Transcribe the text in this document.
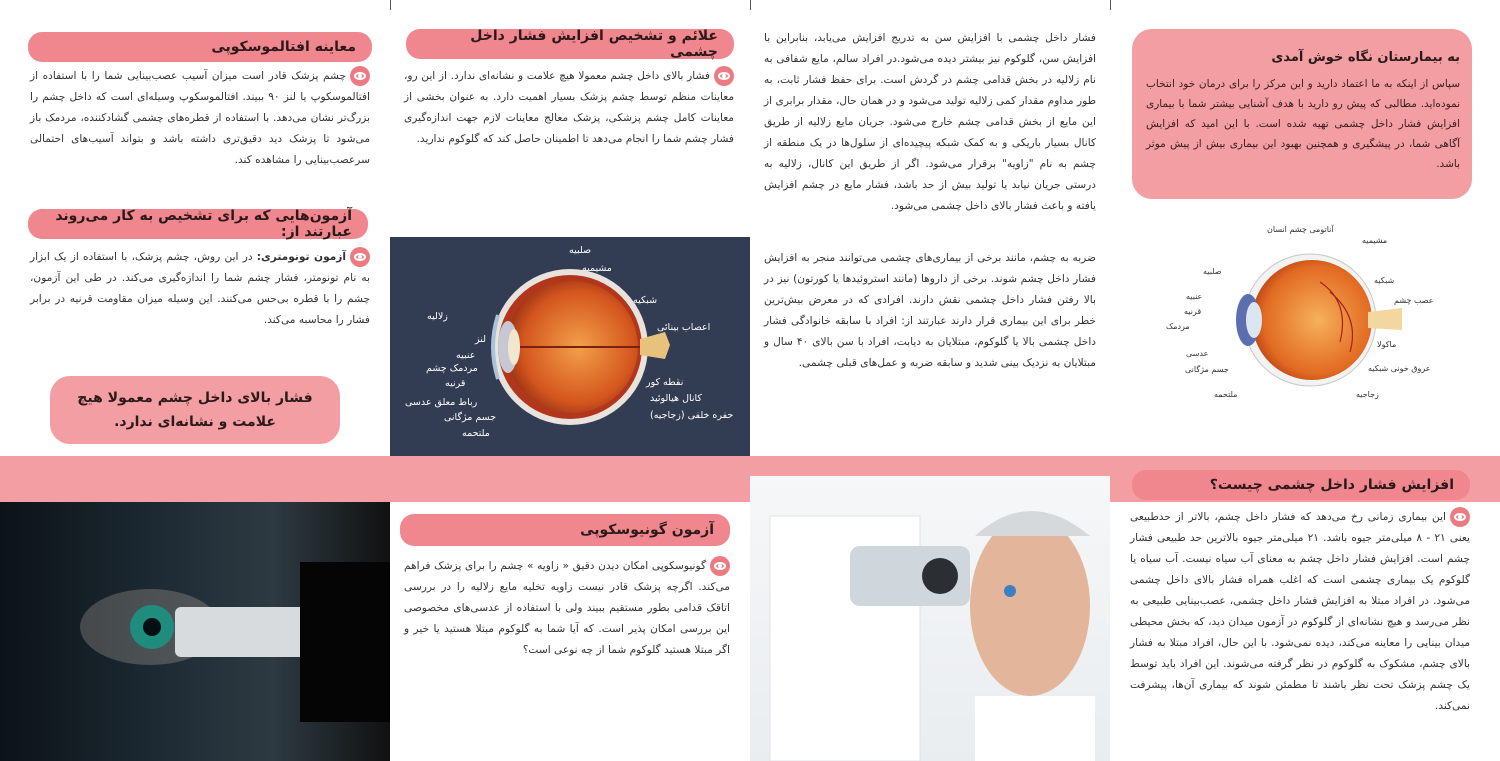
معاینه افتالموسکوپی
چشم پزشک قادر است میزان آسیب عصب‌بینایی شما را با استفاده از افتالموسکوپ یا لنز ۹۰ ببیند. افتالموسکوپ وسیله‌ای است که داخل چشم را بزرگ‌تر نشان می‌دهد. با استفاده از قطره‌های چشمی گشادکننده، مردمک باز می‌شود تا پزشک دید دقیق‌تری داشته باشد و بتواند آسیب‌های احتمالی سرعصب‌بینایی را مشاهده کند.
آزمون‌هایی که برای تشخیص به کار می‌روند عبارتند از:
آزمون تونومتری: در این روش، چشم پزشک، با استفاده از یک ابزار به نام تونومتر، فشار چشم شما را اندازه‌گیری می‌کند. در طی این آزمون، چشم را با قطره بی‌حس می‌کنند. این وسیله میزان مقاومت قرنیه در برابر فشار را محاسبه می‌کند.
فشار بالای داخل چشم معمولا هیچ علامت و نشانه‌ای ندارد.
علائم و تشخیص افزایش فشار داخل چشمی
فشار بالای داخل چشم معمولا هیچ علامت و نشانه‌ای ندارد. از این رو، معاینات منظم توسط چشم پزشک بسیار اهمیت دارد. به عنوان بخشی از معاینات کامل چشم پزشکی، پزشک معالج معاینات لازم جهت اندازه‌گیری فشار چشم شما را انجام می‌دهد تا اطمینان حاصل کند که گلوکوم ندارید.
صلبیه
مشیمیه
شبکیه
اعصاب بینائی
زلالیه
لنز
عنبیه
مردمک چشم
قرنیه
رباط معلق عدسی
جسم مژگانی
ملتحمه
نقطه کور
کانال هیالوئید
حفره خلفی (زجاجیه)
فشار داخل چشمی با افزایش سن به تدریج افزایش می‌یابد، بنابراین با افزایش سن، گلوکوم نیز بیشتر دیده می‌شود.در افراد سالم، مایع شفافی به نام زلالیه در بخش قدامی چشم در گردش است. برای حفظ فشار ثابت، به طور مداوم مقدار کمی زلالیه تولید می‌شود و در همان حال، مقدار برابری از این مایع از بخش قدامی چشم خارج می‌شود. جریان مایع زلالیه از طریق کانال بسیار باریکی و به کمک شبکه پیچیده‌ای از سلول‌ها در یک منطقه از چشم به نام "زاویه" برقرار می‌شود. اگر از طریق این کانال، زلالیه به درستی جریان نیابد یا تولید بیش از حد باشد، فشار مایع در چشم افزایش یافته و باعث فشار بالای داخل چشمی می‌شود.
ضربه به چشم، مانند برخی از بیماری‌های چشمی می‌توانند منجر به افزایش فشار داخل چشم شوند. برخی از داروها (مانند استروئیدها یا کورتون) نیز در بالا رفتن فشار داخل چشمی نقش دارند. افرادی که در معرض بیش‌ترین خطر برای این بیماری قرار دارند عبارتند از: افراد با سابقه خانوادگی فشار داخل چشمی بالا یا گلوکوم، مبتلایان به دیابت، افراد با سن بالای ۴۰ سال و مبتلایان به نزدیک بینی شدید و سابقه ضربه و عمل‌های قبلی چشمی.
به بیمارستان نگاه خوش آمدی
سپاس از اینکه به ما اعتماد دارید و این مرکز را برای درمان خود انتخاب نموده‌اید. مطالبی که پیش رو دارید با هدف آشنایی بیشتر شما با بیماری افزایش فشار داخل چشمی تهیه شده است. با این امید که افزایش آگاهی شما، در پیشگیری و همچنین بهبود این بیماری بیش از پیش موثر باشد.
آناتومی چشم انسان
مشیمیه
صلبیه
شبکیه
عصب چشم
عنبیه
قرنیه
مردمک
ماکولا
عدسی
جسم مژگانی	عروق خونی شبکیه
ملتحمه	زجاجیه
آزمون گونیوسکوپی
گونیوسکوپی امکان دیدن دقیق « زاویه » چشم را برای پزشک فراهم می‌کند. اگرچه پزشک قادر نیست زاویه تخلیه مایع زلالیه را در بررسی اتاقک قدامی بطور مستقیم ببیند ولی با استفاده از عدسی‌های مخصوصی این بررسی امکان پذیر است. که آیا شما به گلوکوم مبتلا هستید یا خیر و اگر مبتلا هستید گلوکوم شما از چه نوعی است؟
افزایش فشار داخل چشمی چیست؟
این بیماری زمانی رخ می‌دهد که فشار داخل چشم، بالاتر از حدطبیعی یعنی ۲۱ - ۸ میلی‌متر جیوه باشد. ۲۱ میلی‌متر جیوه بالاترین حد طبیعی فشار چشم است. افزایش فشار داخل چشم به معنای آب سیاه نیست. آب سیاه یا گلوکوم یک بیماری چشمی است که اغلب همراه فشار بالای داخل چشمی می‌شود. در افراد مبتلا به افزایش فشار داخل چشمی، عصب‌بینایی طبیعی به نظر می‌رسد و هیچ نشانه‌ای از گلوکوم در آزمون میدان دید، که بخش محیطی میدان بینایی را معاینه می‌کند، دیده نمی‌شود. با این حال، افراد مبتلا به فشار بالای چشم، مشکوک به گلوکوم در نظر گرفته می‌شوند. این افراد باید توسط یک چشم پزشک تحت نظر باشند تا مطمئن شوند که بیماری آن‌ها، پیشرفت نمی‌کند.
